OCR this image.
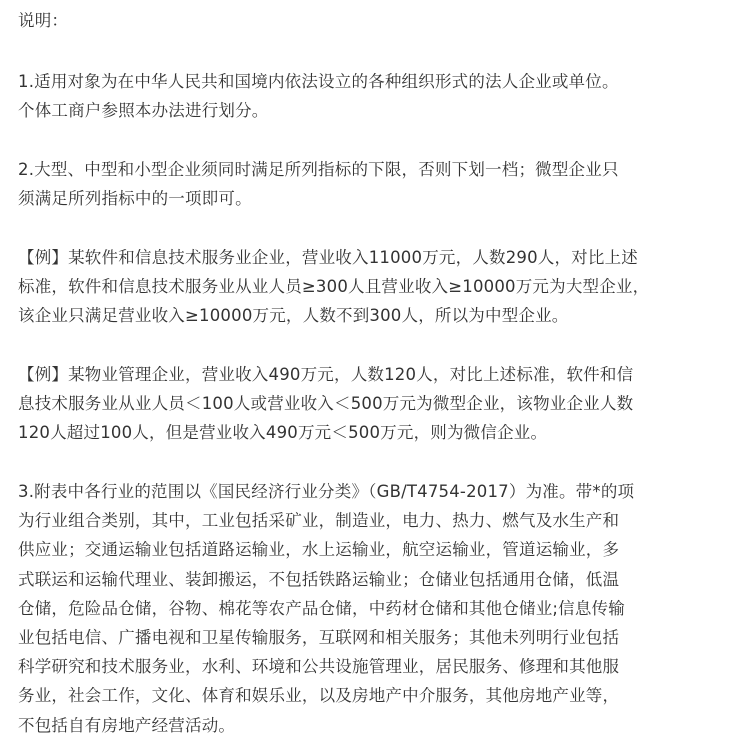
说明：
1.适用对象为在中华人民共和国境内依法设立的各种组织形式的法人企业或单位。
个体工商户参照本办法进行划分。
2.大型、中型和小型企业须同时满足所列指标的下限，否则下划一档；微型企业只
须满足所列指标中的一项即可。
【例】某软件和信息技术服务业企业，营业收入11000万元，人数290人，对比上述
标准，软件和信息技术服务业从业人员≥300人且营业收入≥10000万元为大型企业，
该企业只满足营业收入≥10000万元，人数不到300人，所以为中型企业。
【例】某物业管理企业，营业收入490万元，人数120人，对比上述标准，软件和信
息技术服务业从业人员＜100人或营业收入＜500万元为微型企业，该物业企业人数
120人超过100人，但是营业收入490万元＜500万元，则为微信企业。
3.附表中各行业的范围以《国民经济行业分类》（GB/T4754-2017）为准。带*的项
为行业组合类别，其中，工业包括采矿业，制造业，电力、热力、燃气及水生产和
供应业；交通运输业包括道路运输业，水上运输业，航空运输业，管道运输业，多
式联运和运输代理业、装卸搬运，不包括铁路运输业；仓储业包括通用仓储，低温
仓储，危险品仓储，谷物、棉花等农产品仓储，中药材仓储和其他仓储业;信息传输
业包括电信、广播电视和卫星传输服务，互联网和相关服务；其他未列明行业包括
科学研究和技术服务业，水利、环境和公共设施管理业，居民服务、修理和其他服
务业，社会工作，文化、体育和娱乐业，以及房地产中介服务，其他房地产业等，
不包括自有房地产经营活动。
